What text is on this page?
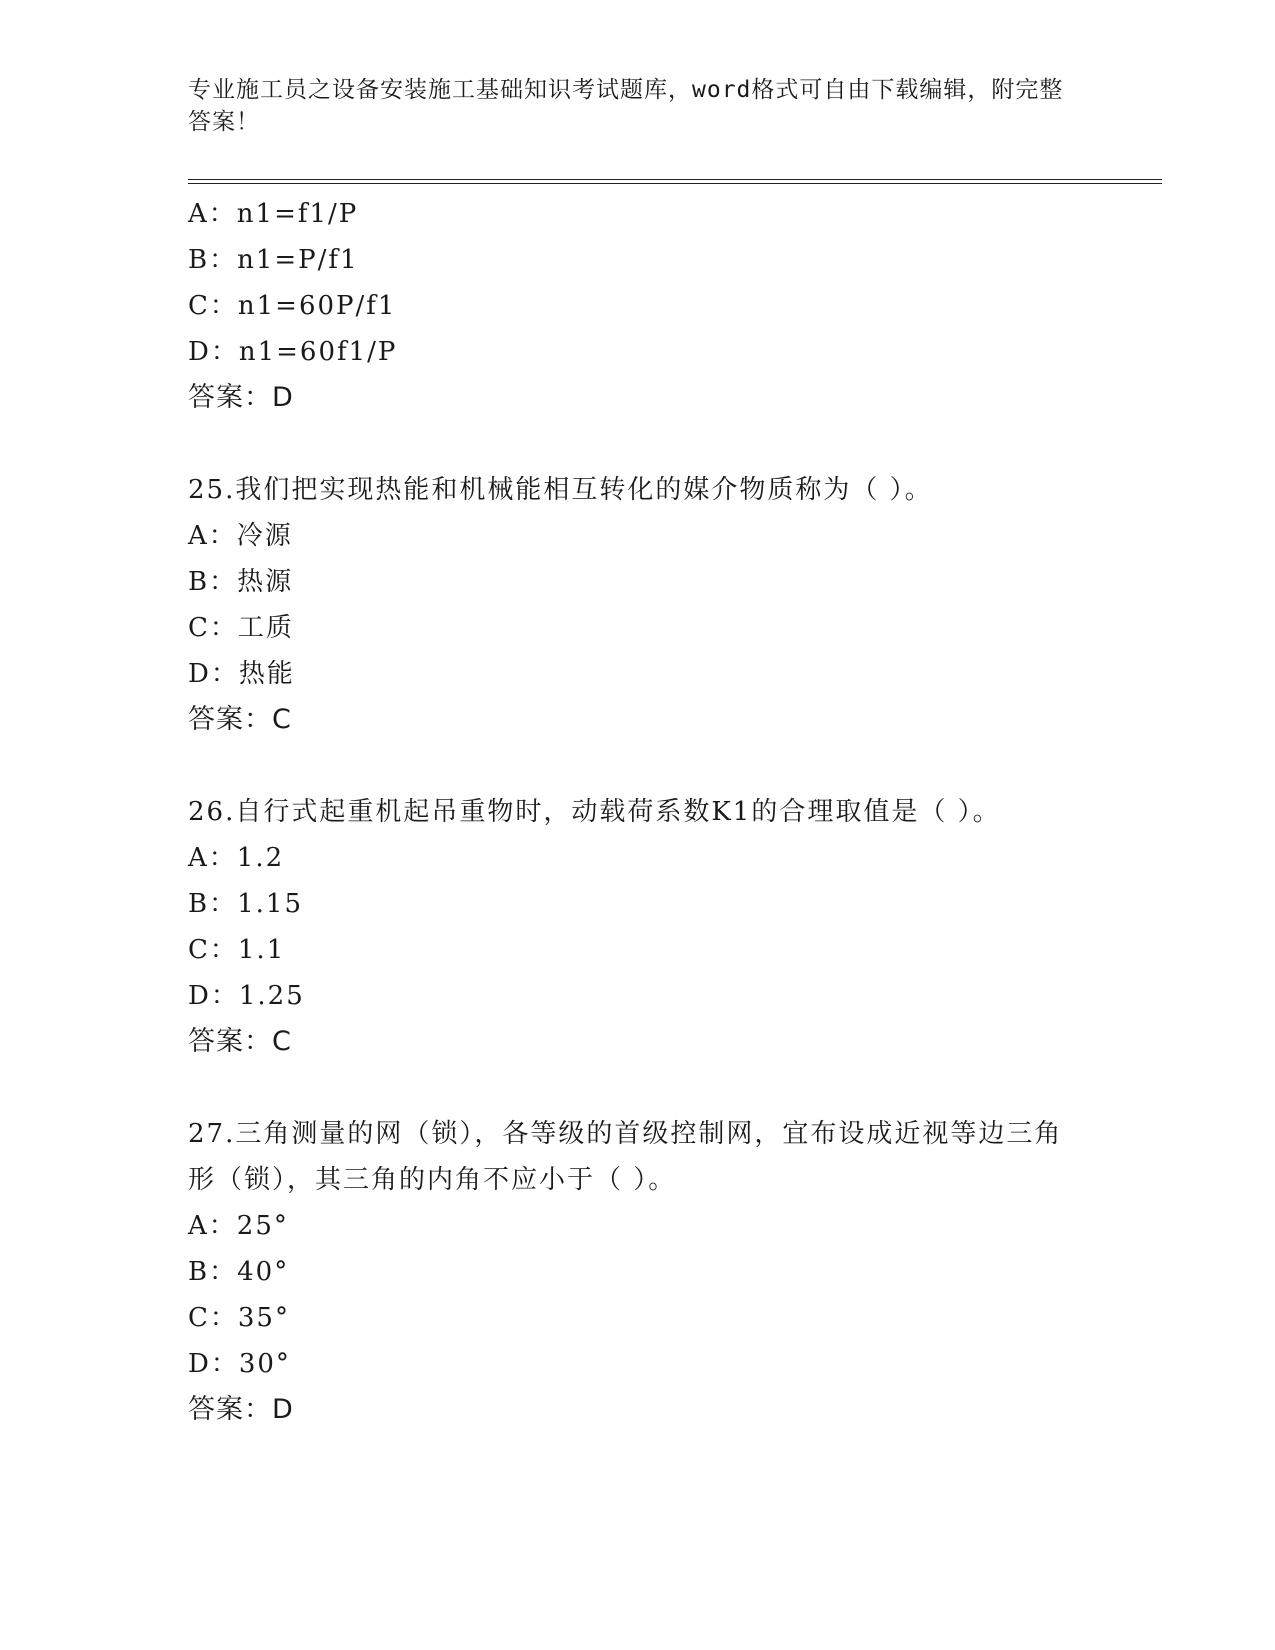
专业施工员之设备安装施工基础知识考试题库，word格式可自由下载编辑，附完整答案！
A：n1=f1/P
B：n1=P/f1
C：n1=60P/f1
D：n1=60f1/P
答案：D
25.我们把实现热能和机械能相互转化的媒介物质称为（ ）。
A：冷源
B：热源
C：工质
D：热能
答案：C
26.自行式起重机起吊重物时，动载荷系数K1的合理取值是（ ）。
A：1.2
B：1.15
C：1.1
D：1.25
答案：C
27.三角测量的网（锁），各等级的首级控制网，宜布设成近视等边三角形（锁），其三角的内角不应小于（ ）。
A：25°
B：40°
C：35°
D：30°
答案：D
